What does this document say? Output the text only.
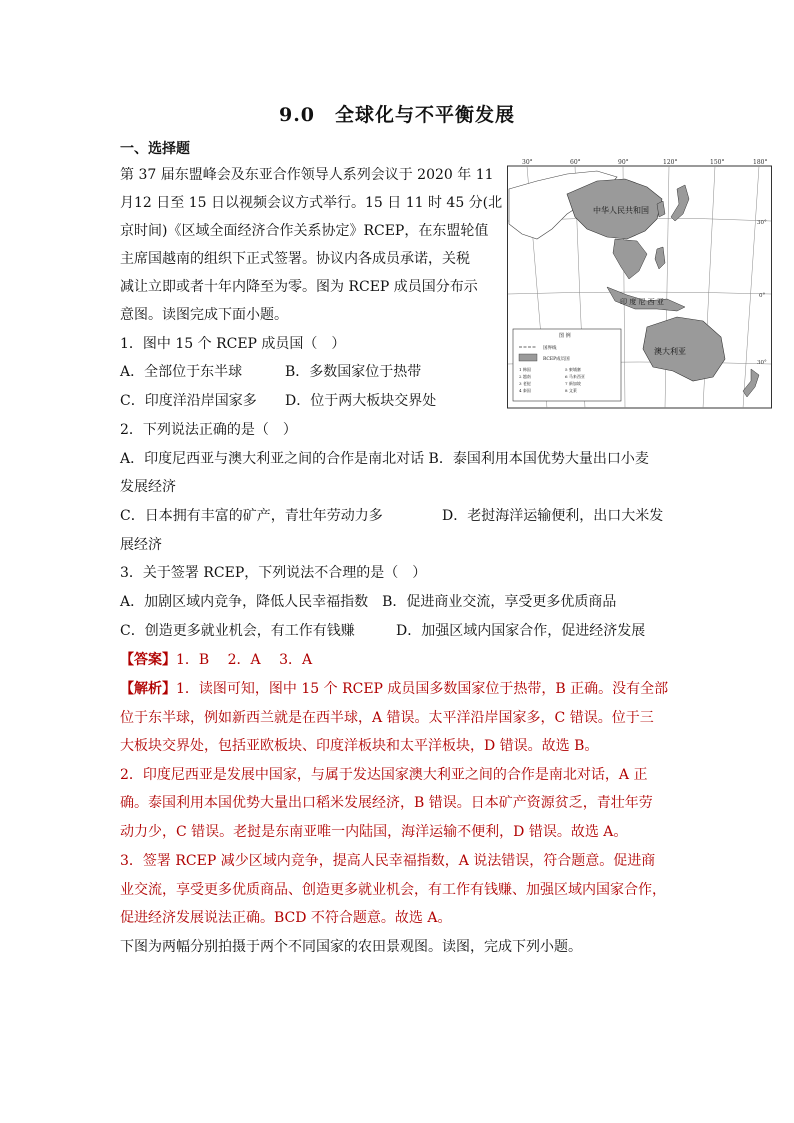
9.0　全球化与不平衡发展
一、选择题
第 37 届东盟峰会及东亚合作领导人系列会议于 2020 年 11
月12 日至 15 日以视频会议方式举行。15 日 11 时 45 分(北
京时间)《区域全面经济合作关系协定》RCEP，在东盟轮值
主席国越南的组织下正式签署。协议内各成员承诺，关税
减让立即或者十年内降至为零。图为 RCEP 成员国分布示
意图。读图完成下面小题。
1．图中 15 个 RCEP 成员国（　）
A．全部位于东半球	B．多数国家位于热带
C．印度洋沿岸国家多 D．位于两大板块交界处
2．下列说法正确的是（　）
A．印度尼西亚与澳大利亚之间的合作是南北对话 B．泰国利用本国优势大量出口小麦
发展经济
C．日本拥有丰富的矿产，青壮年劳动力多	D．老挝海洋运输便利，出口大米发
展经济
3．关于签署 RCEP，下列说法不合理的是（　）
A．加剧区域内竞争，降低人民幸福指数　B．促进商业交流，享受更多优质商品
C．创造更多就业机会，有工作有钱赚	D．加强区域内国家合作，促进经济发展
【答案】1．B　 2．A　 3．A
【解析】1．读图可知，图中 15 个 RCEP 成员国多数国家位于热带，B 正确。没有全部
位于东半球，例如新西兰就是在西半球，A 错误。太平洋沿岸国家多，C 错误。位于三
大板块交界处，包括亚欧板块、印度洋板块和太平洋板块，D 错误。故选 B。
2．印度尼西亚是发展中国家，与属于发达国家澳大利亚之间的合作是南北对话，A 正
确。泰国利用本国优势大量出口稻米发展经济，B 错误。日本矿产资源贫乏，青壮年劳
动力少，C 错误。老挝是东南亚唯一内陆国，海洋运输不便利，D 错误。故选 A。
3．签署 RCEP 减少区域内竞争，提高人民幸福指数，A 说法错误，符合题意。促进商
业交流，享受更多优质商品、创造更多就业机会，有工作有钱赚、加强区域内国家合作，
促进经济发展说法正确。BCD 不符合题意。故选 A。
下图为两幅分别拍摄于两个不同国家的农田景观图。读图，完成下列小题。
30°	60°	90°	120°	150°	180°
30°
0°
30°
中华人民共和国
印 度 尼 西 亚
澳大利亚
图 例
国界线
RCEP成员国
1 韩国
2 越南
3 老挝
4 泰国
5 柬埔寨
6 马来西亚
7 新加坡
8 文莱
